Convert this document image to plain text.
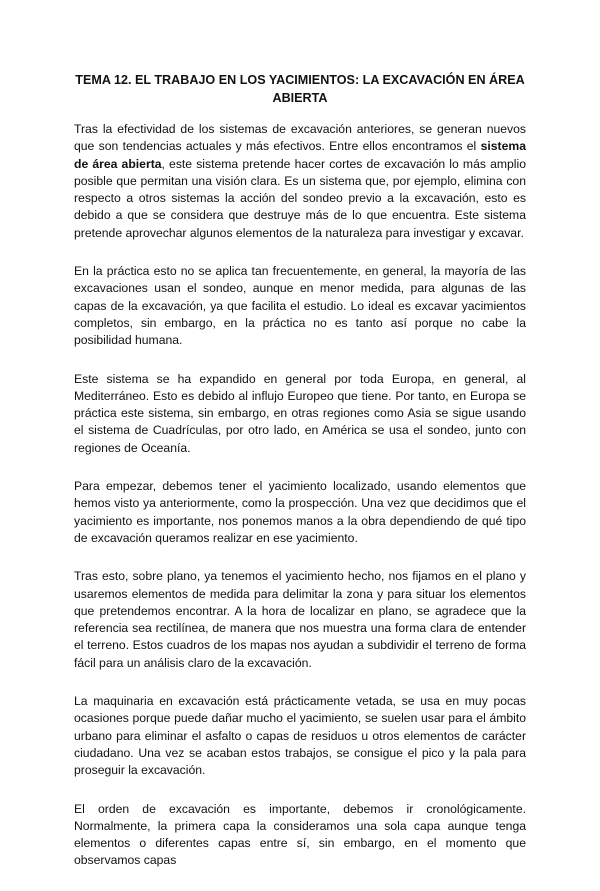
TEMA 12. EL TRABAJO EN LOS YACIMIENTOS: LA EXCAVACIÓN EN ÁREA ABIERTA

Tras la efectividad de los sistemas de excavación anteriores, se generan nuevos que son tendencias actuales y más efectivos. Entre ellos encontramos el sistema de área abierta, este sistema pretende hacer cortes de excavación lo más amplio posible que permitan una visión clara. Es un sistema que, por ejemplo, elimina con respecto a otros sistemas la acción del sondeo previo a la excavación, esto es debido a que se considera que destruye más de lo que encuentra. Este sistema pretende aprovechar algunos elementos de la naturaleza para investigar y excavar.

En la práctica esto no se aplica tan frecuentemente, en general, la mayoría de las excavaciones usan el sondeo, aunque en menor medida, para algunas de las capas de la excavación, ya que facilita el estudio. Lo ideal es excavar yacimientos completos, sin embargo, en la práctica no es tanto así porque no cabe la posibilidad humana.

Este sistema se ha expandido en general por toda Europa, en general, al Mediterráneo. Esto es debido al influjo Europeo que tiene. Por tanto, en Europa se práctica este sistema, sin embargo, en otras regiones como Asia se sigue usando el sistema de Cuadrículas, por otro lado, en América se usa el sondeo, junto con regiones de Oceanía.

Para empezar, debemos tener el yacimiento localizado, usando elementos que hemos visto ya anteriormente, como la prospección. Una vez que decidimos que el yacimiento es importante, nos ponemos manos a la obra dependiendo de qué tipo de excavación queramos realizar en ese yacimiento.

Tras esto, sobre plano, ya tenemos el yacimiento hecho, nos fijamos en el plano y usaremos elementos de medida para delimitar la zona y para situar los elementos que pretendemos encontrar. A la hora de localizar en plano, se agradece que la referencia sea rectilínea, de manera que nos muestra una forma clara de entender el terreno. Estos cuadros de los mapas nos ayudan a subdividir el terreno de forma fácil para un análisis claro de la excavación.

La maquinaria en excavación está prácticamente vetada, se usa en muy pocas ocasiones porque puede dañar mucho el yacimiento, se suelen usar para el ámbito urbano para eliminar el asfalto o capas de residuos u otros elementos de carácter ciudadano. Una vez se acaban estos trabajos, se consigue el pico y la pala para proseguir la excavación.

El orden de excavación es importante, debemos ir cronológicamente. Normalmente, la primera capa la consideramos una sola capa aunque tenga elementos o diferentes capas entre sí, sin embargo, en el momento que observamos capas
